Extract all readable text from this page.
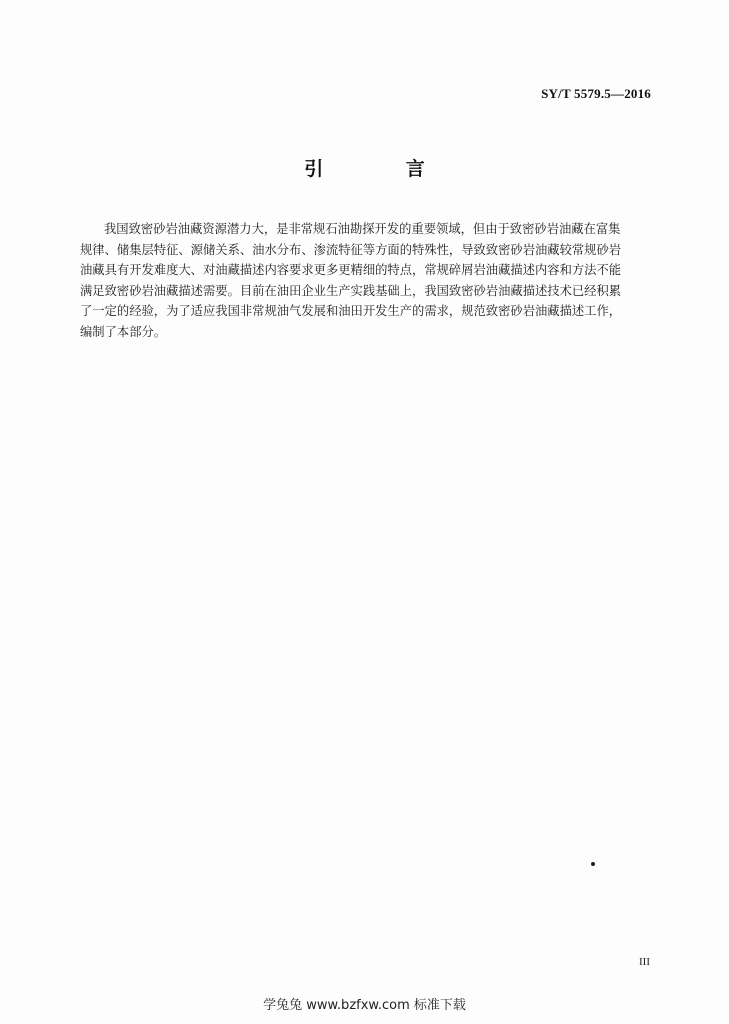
SY/T 5579.5—2016
引 言
我国致密砂岩油藏资源潜力大，是非常规石油勘探开发的重要领域，但由于致密砂岩油藏在富集
规律、储集层特征、源储关系、油水分布、渗流特征等方面的特殊性，导致致密砂岩油藏较常规砂岩
油藏具有开发难度大、对油藏描述内容要求更多更精细的特点，常规碎屑岩油藏描述内容和方法不能
满足致密砂岩油藏描述需要。目前在油田企业生产实践基础上，我国致密砂岩油藏描述技术已经积累
了一定的经验，为了适应我国非常规油气发展和油田开发生产的需求，规范致密砂岩油藏描述工作，
编制了本部分。
III
学兔兔 www.bzfxw.com 标准下载
